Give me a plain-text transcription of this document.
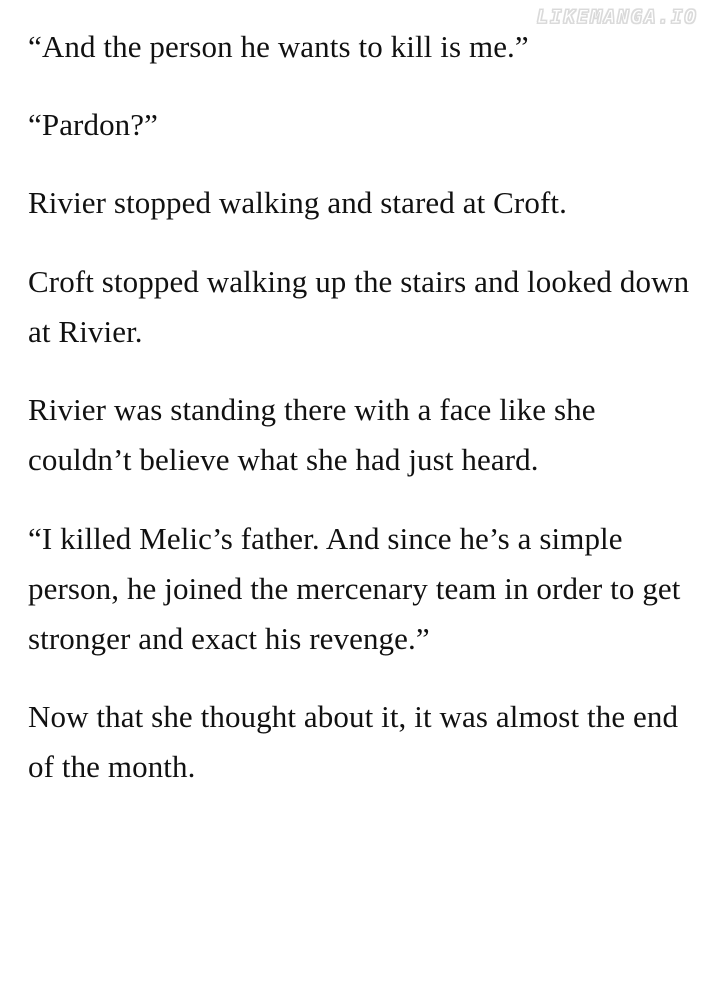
LIKEMANGA.IO

“And the person he wants to kill is me.”

“Pardon?”

Rivier stopped walking and stared at Croft.

Croft stopped walking up the stairs and looked down at Rivier.

Rivier was standing there with a face like she couldn’t believe what she had just heard.

“I killed Melic’s father. And since he’s a simple person, he joined the mercenary team in order to get stronger and exact his revenge.”

Now that she thought about it, it was almost the end of the month.
